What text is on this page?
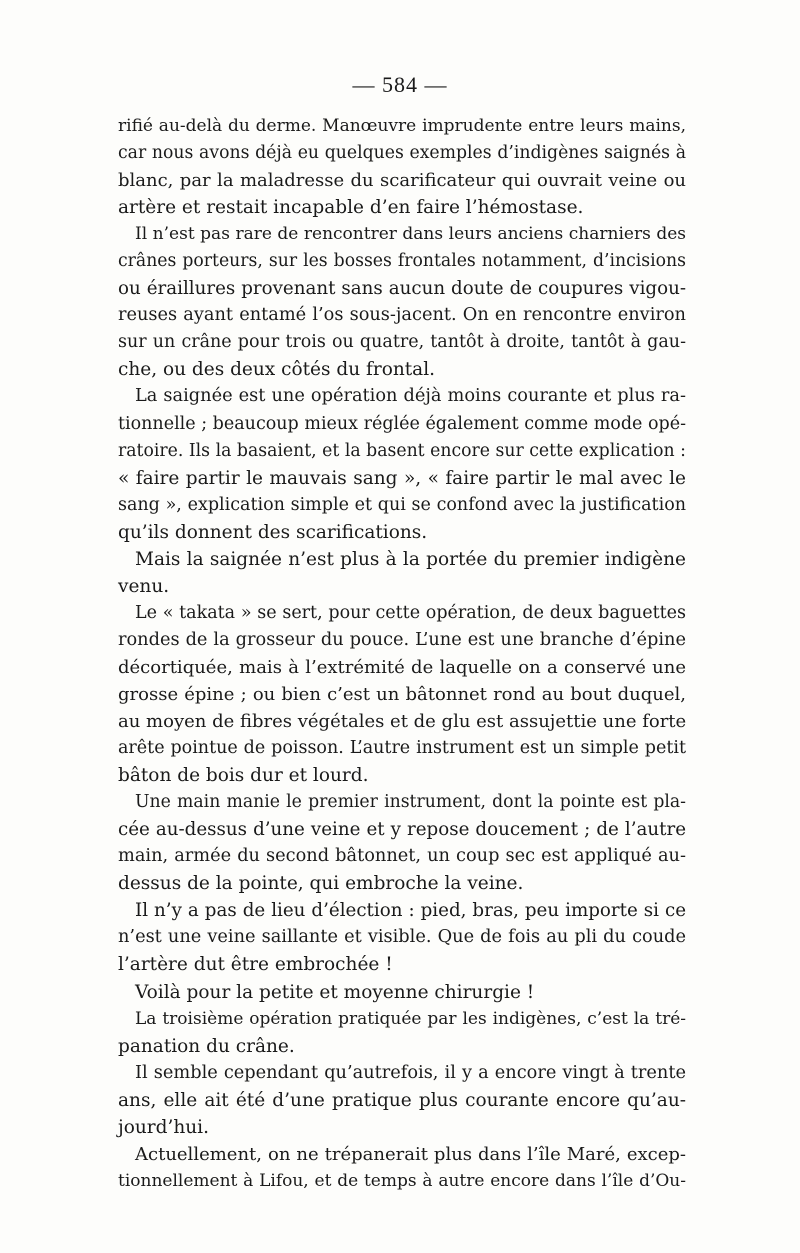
— 584 —
rifié au-delà du derme. Manœuvre imprudente entre leurs mains,
car nous avons déjà eu quelques exemples d’indigènes saignés à
blanc, par la maladresse du scarificateur qui ouvrait veine ou
artère et restait incapable d’en faire l’hémostase.
Il n’est pas rare de rencontrer dans leurs anciens charniers des
crânes porteurs, sur les bosses frontales notamment, d’incisions
ou éraillures provenant sans aucun doute de coupures vigou-
reuses ayant entamé l’os sous-jacent. On en rencontre environ
sur un crâne pour trois ou quatre, tantôt à droite, tantôt à gau-
che, ou des deux côtés du frontal.
La saignée est une opération déjà moins courante et plus ra-
tionnelle ; beaucoup mieux réglée également comme mode opé-
ratoire. Ils la basaient, et la basent encore sur cette explication :
« faire partir le mauvais sang », « faire partir le mal avec le
sang », explication simple et qui se confond avec la justification
qu’ils donnent des scarifications.
Mais la saignée n’est plus à la portée du premier indigène
venu.
Le « takata » se sert, pour cette opération, de deux baguettes
rondes de la grosseur du pouce. L’une est une branche d’épine
décortiquée, mais à l’extrémité de laquelle on a conservé une
grosse épine ; ou bien c’est un bâtonnet rond au bout duquel,
au moyen de fibres végétales et de glu est assujettie une forte
arête pointue de poisson. L’autre instrument est un simple petit
bâton de bois dur et lourd.
Une main manie le premier instrument, dont la pointe est pla-
cée au-dessus d’une veine et y repose doucement ; de l’autre
main, armée du second bâtonnet, un coup sec est appliqué au-
dessus de la pointe, qui embroche la veine.
Il n’y a pas de lieu d’élection : pied, bras, peu importe si ce
n’est une veine saillante et visible. Que de fois au pli du coude
l’artère dut être embrochée !
Voilà pour la petite et moyenne chirurgie !
La troisième opération pratiquée par les indigènes, c’est la tré-
panation du crâne.
Il semble cependant qu’autrefois, il y a encore vingt à trente
ans, elle ait été d’une pratique plus courante encore qu’au-
jourd’hui.
Actuellement, on ne trépanerait plus dans l’île Maré, excep-
tionnellement à Lifou, et de temps à autre encore dans l’île d’Ou-
